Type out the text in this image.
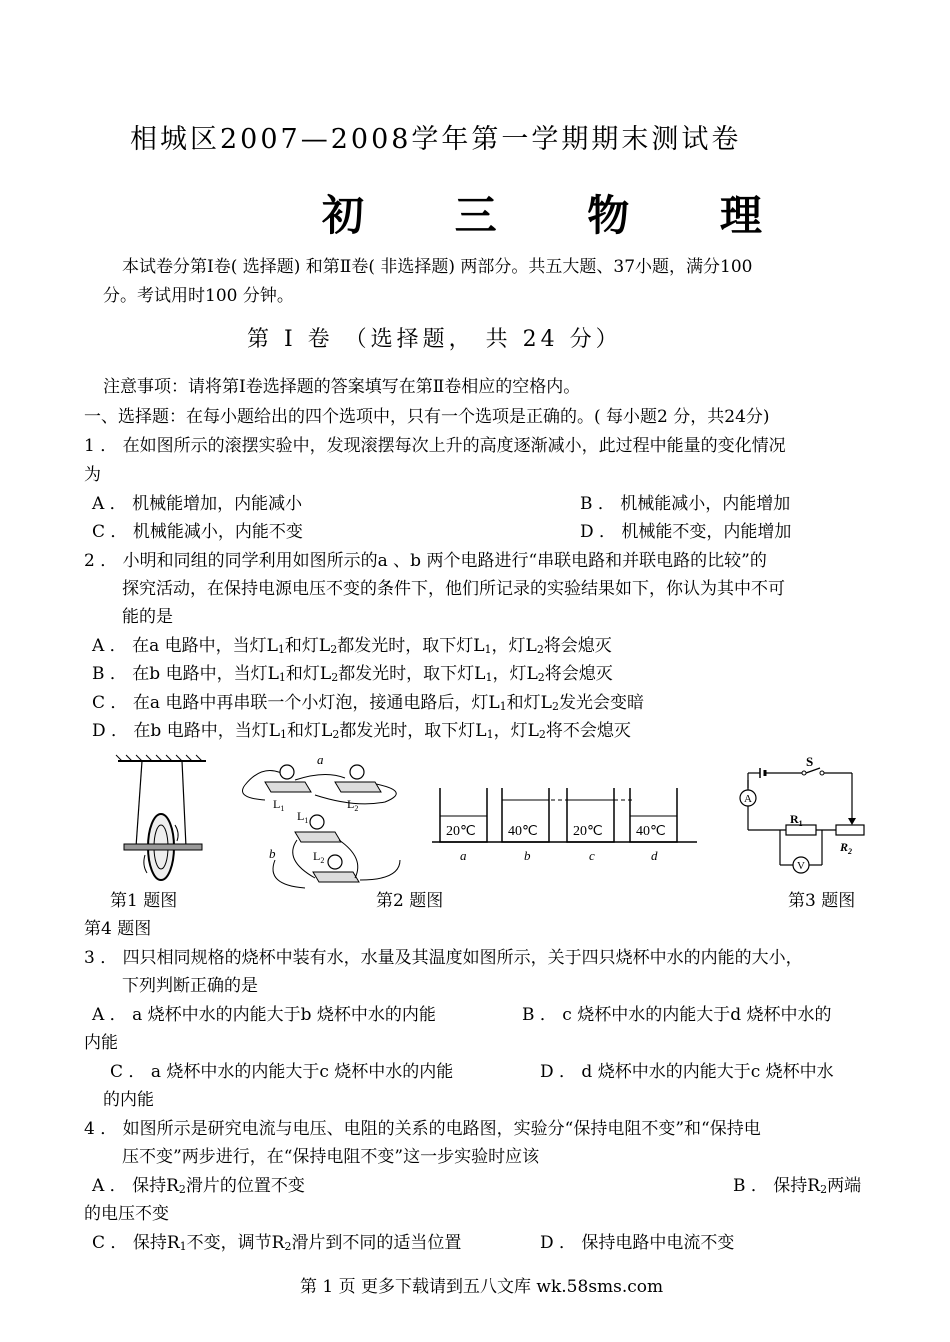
相城区2007—2008学年第一学期期末测试卷
初 三 物 理
本试卷分第Ⅰ卷( 选择题) 和第Ⅱ卷( 非选择题) 两部分。共五大题、37小题，满分100
分。考试用时100 分钟。
第 Ⅰ 卷 （选择题， 共 24 分）
注意事项：请将第Ⅰ卷选择题的答案填写在第Ⅱ卷相应的空格内。
一、选择题：在每小题给出的四个选项中，只有一个选项是正确的。( 每小题2 分，共24分)
1 ． 在如图所示的滚摆实验中，发现滚摆每次上升的高度逐渐减小，此过程中能量的变化情况
为
A ． 机械能增加，内能减小	B ． 机械能减小，内能增加
C ． 机械能减小，内能不变	D ． 机械能不变，内能增加
2 ． 小明和同组的同学利用如图所示的a 、b 两个电路进行“串联电路和并联电路的比较”的
探究活动，在保持电源电压不变的条件下，他们所记录的实验结果如下，你认为其中不可
能的是
A ． 在a 电路中，当灯$L_1$和灯$L_2$都发光时，取下灯$L_1$，灯$L_2$将会熄灭
B ． 在b 电路中，当灯$L_1$和灯$L_2$都发光时，取下灯$L_1$，灯$L_2$将会熄灭
C ． 在a 电路中再串联一个小灯泡，接通电路后，灯$L_1$和灯$L_2$发光会变暗
D ． 在b 电路中，当灯$L_1$和灯$L_2$都发光时，取下灯$L_1$，灯$L_2$将不会熄灭
a
$L_1$	$L_2$
$L_1$
$L_2$
b
20℃ 40℃	20℃ 40℃
a	b	c	d
S
A
$R_1$
$R_2$
V
第1 题图	第2 题图	第3 题图
第4 题图
3 ． 四只相同规格的烧杯中装有水，水量及其温度如图所示，关于四只烧杯中水的内能的大小，
下列判断正确的是
A ． a 烧杯中水的内能大于b 烧杯中水的内能	B ． c 烧杯中水的内能大于d 烧杯中水的
内能
C ． a 烧杯中水的内能大于c 烧杯中水的内能	D ． d 烧杯中水的内能大于c 烧杯中水
的内能
4 ． 如图所示是研究电流与电压、电阻的关系的电路图，实验分“保持电阻不变”和“保持电
压不变”两步进行，在“保持电阻不变”这一步实验时应该
A ． 保持$R_2$滑片的位置不变	B ． 保持$R_2$两端
的电压不变
C ． 保持$R_1$不变，调节$R_2$滑片到不同的适当位置	D ． 保持电路中电流不变
第 1 页 更多下载请到五八文库 wk.58sms.com
